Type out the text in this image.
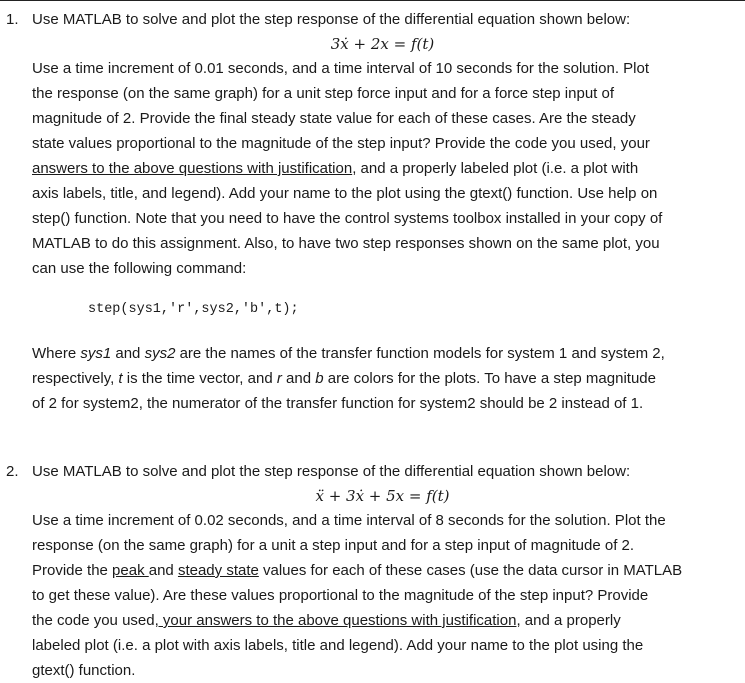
1. Use MATLAB to solve and plot the step response of the differential equation shown below:
3ẋ + 2x = f(t)
Use a time increment of 0.01 seconds, and a time interval of 10 seconds for the solution. Plot
the response (on the same graph) for a unit step force input and for a force step input of
magnitude of 2. Provide the final steady state value for each of these cases. Are the steady
state values proportional to the magnitude of the step input? Provide the code you used, your
answers to the above questions with justification, and a properly labeled plot (i.e. a plot with
axis labels, title, and legend). Add your name to the plot using the gtext() function. Use help on
step() function. Note that you need to have the control systems toolbox installed in your copy of
MATLAB to do this assignment. Also, to have two step responses shown on the same plot, you
can use the following command:
step(sys1,'r',sys2,'b',t);
Where sys1 and sys2 are the names of the transfer function models for system 1 and system 2,
respectively, t is the time vector, and r and b are colors for the plots. To have a step magnitude
of 2 for system2, the numerator of the transfer function for system2 should be 2 instead of 1.
2. Use MATLAB to solve and plot the step response of the differential equation shown below:
ẍ + 3ẋ + 5x = f(t)
Use a time increment of 0.02 seconds, and a time interval of 8 seconds for the solution. Plot the
response (on the same graph) for a unit a step input and for a step input of magnitude of 2.
Provide the peak and steady state values for each of these cases (use the data cursor in MATLAB
to get these value). Are these values proportional to the magnitude of the step input? Provide
the code you used, your answers to the above questions with justification, and a properly
labeled plot (i.e. a plot with axis labels, title and legend). Add your name to the plot using the
gtext() function.
